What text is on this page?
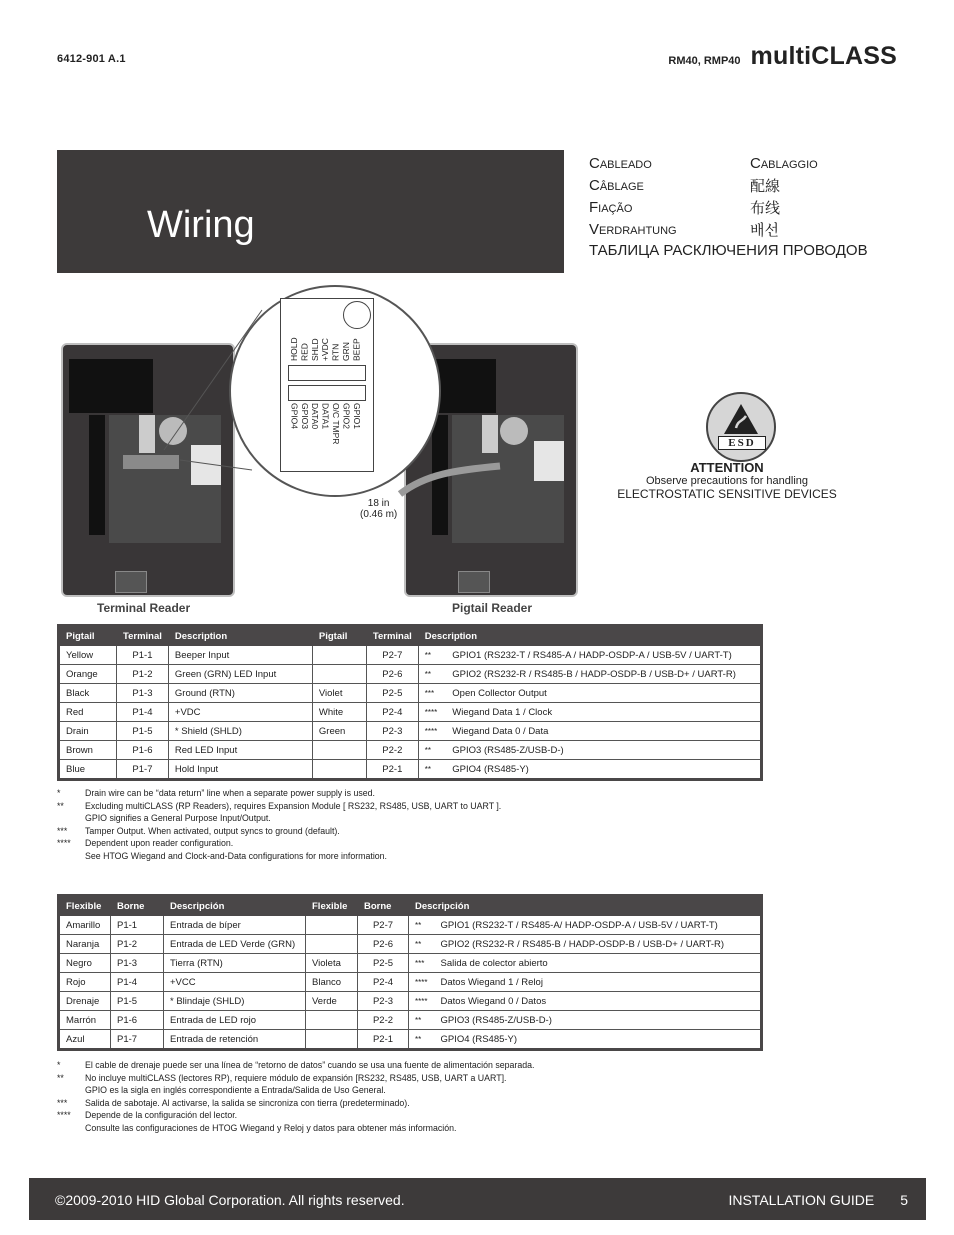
6412-901 A.1	RM40, RMP40 multiCLASS
Wiring
Cableado	Cablaggio
Câblage	配線
Fiação	布线
Verdrahtung	배선
ТАБЛИЦА РАСКЛЮЧЕНИЯ ПРОВОДОВ
Terminal Reader	Pigtail Reader
18 in
(0.46 m)
HOLD RED SHLD +VDC RTN GRN BEEP
GPIO1
GPIO2
O/C TMPR
DATA1
DATA0
GPIO3
GPIO4
ESD
ATTENTION
Observe precautions for handling
ELECTROSTATIC SENSITIVE DEVICES
Pigtail	Terminal	Description	Pigtail	Terminal	Description	
Yellow	P1-1	Beeper Input		P2-7	**	GPIO1 (RS232-T / RS485-A / HADP-OSDP-A / USB-5V / UART-T)
Orange	P1-2	Green (GRN) LED Input		P2-6	**	GPIO2 (RS232-R / RS485-B / HADP-OSDP-B / USB-D+ / UART-R)
Black	P1-3	Ground (RTN)	Violet	P2-5	***	Open Collector Output
Red	P1-4	+VDC	White	P2-4	****	Wiegand Data 1 / Clock
Drain	P1-5	* Shield (SHLD)	Green	P2-3	****	Wiegand Data 0 / Data
Brown	P1-6	Red LED Input		P2-2	**	GPIO3 (RS485-Z/USB-D-)
Blue	P1-7	Hold Input		P2-1	**	GPIO4 (RS485-Y)
*	Drain wire can be “data return” line when a separate power supply is used.
**	Excluding multiCLASS (RP Readers), requires Expansion Module [ RS232, RS485, USB, UART to UART ].
GPIO signifies a General Purpose Input/Output.
***	Tamper Output. When activated, output syncs to ground (default).
****	Dependent upon reader configuration.
See HTOG Wiegand and Clock-and-Data configurations for more information.
Flexible	Borne	Descripción	Flexible	Borne	Descripción	
Amarillo	P1-1	Entrada de bíper		P2-7	**	GPIO1 (RS232-T / RS485-A/ HADP-OSDP-A / USB-5V / UART-T)
Naranja	P1-2	Entrada de LED Verde (GRN)		P2-6	**	GPIO2 (RS232-R / RS485-B / HADP-OSDP-B / USB-D+ / UART-R)
Negro	P1-3	Tierra (RTN)	Violeta	P2-5	***	Salida de colector abierto
Rojo	P1-4	+VCC	Blanco	P2-4	****	Datos Wiegand 1 / Reloj
Drenaje	P1-5	* Blindaje (SHLD)	Verde	P2-3	****	Datos Wiegand 0 / Datos
Marrón	P1-6	Entrada de LED rojo		P2-2	**	GPIO3 (RS485-Z/USB-D-)
Azul	P1-7	Entrada de retención		P2-1	**	GPIO4 (RS485-Y)
*	El cable de drenaje puede ser una línea de “retorno de datos” cuando se usa una fuente de alimentación separada.
**	No incluye multiCLASS (lectores RP), requiere módulo de expansión [RS232, RS485, USB, UART a UART].
GPIO es la sigla en inglés correspondiente a Entrada/Salida de Uso General.
***	Salida de sabotaje. Al activarse, la salida se sincroniza con tierra (predeterminado).
****	Depende de la configuración del lector.
Consulte las configuraciones de HTOG Wiegand y Reloj y datos para obtener más información.
©2009-2010 HID Global Corporation. All rights reserved.	INSTALLATION GUIDE 5
